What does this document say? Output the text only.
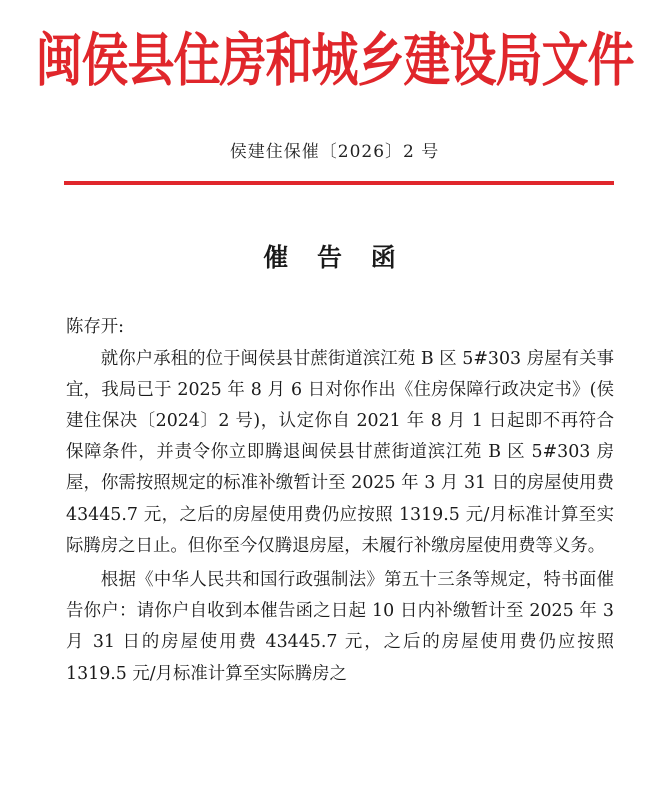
闽侯县住房和城乡建设局文件
侯建住保催〔2026〕2 号
催 告 函

陈存开:

就你户承租的位于闽侯县甘蔗街道滨江苑 B 区 5#303 房屋有关事宜，我局已于 2025 年 8 月 6 日对你作出《住房保障行政决定书》(侯建住保决〔2024〕2 号)，认定你自 2021 年 8 月 1 日起即不再符合保障条件，并责令你立即腾退闽侯县甘蔗街道滨江苑 B 区 5#303 房屋，你需按照规定的标准补缴暂计至 2025 年 3 月 31 日的房屋使用费 43445.7 元，之后的房屋使用费仍应按照 1319.5 元/月标准计算至实际腾房之日止。但你至今仅腾退房屋，未履行补缴房屋使用费等义务。

根据《中华人民共和国行政强制法》第五十三条等规定，特书面催告你户：请你户自收到本催告函之日起 10 日内补缴暂计至 2025 年 3 月 31 日的房屋使用费 43445.7 元，之后的房屋使用费仍应按照 1319.5 元/月标准计算至实际腾房之
